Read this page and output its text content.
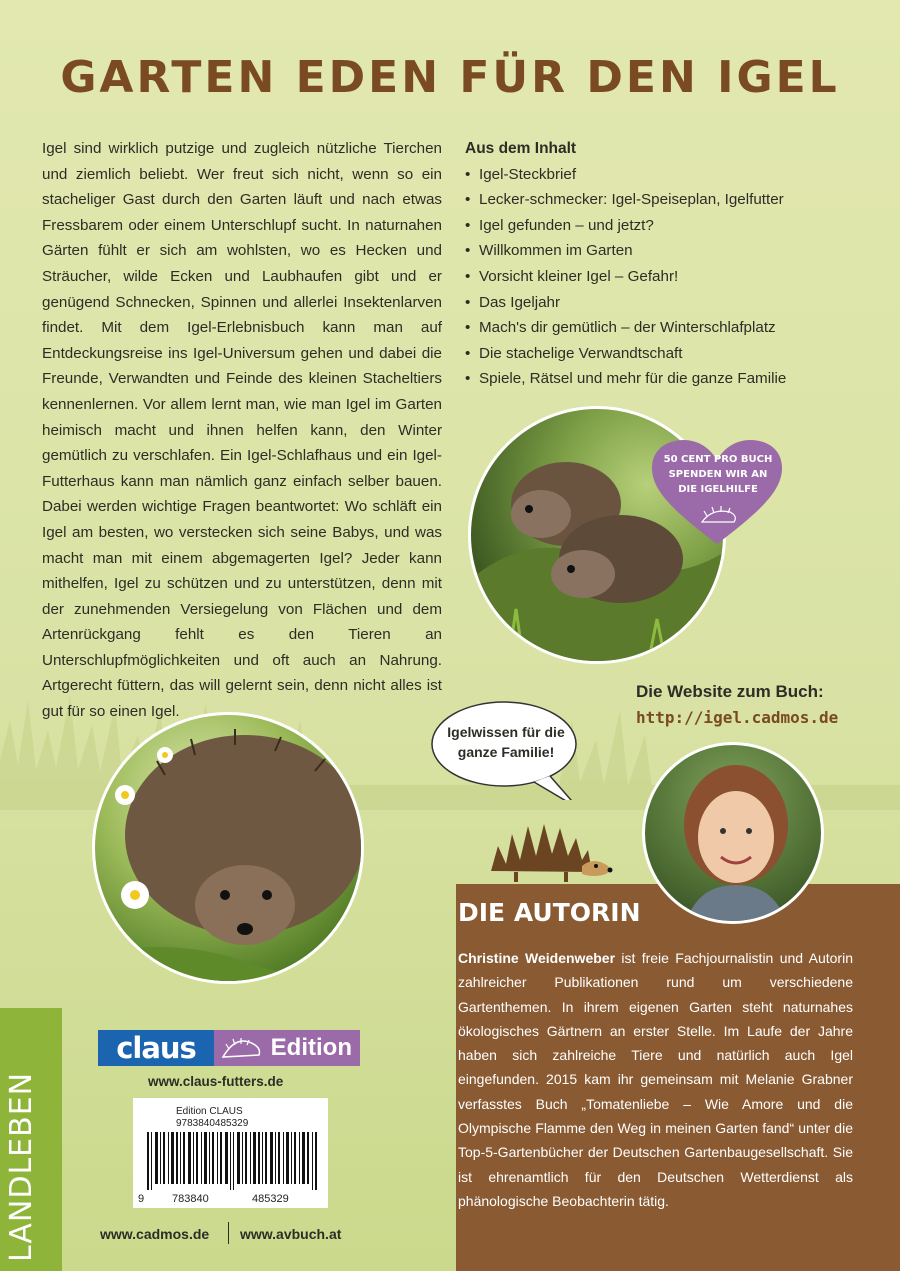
GARTEN EDEN FÜR DEN IGEL

Igel sind wirklich putzige und zugleich nützliche Tierchen und ziemlich beliebt. Wer freut sich nicht, wenn so ein stacheliger Gast durch den Garten läuft und nach etwas Fressbarem oder einem Unterschlupf sucht. In naturnahen Gärten fühlt er sich am wohlsten, wo es Hecken und Sträucher, wilde Ecken und Laubhaufen gibt und er genügend Schnecken, Spinnen und allerlei Insektenlarven findet. Mit dem Igel-Erlebnisbuch kann man auf Entdeckungsreise ins Igel-Universum gehen und dabei die Freunde, Verwandten und Feinde des kleinen Stacheltiers kennenlernen. Vor allem lernt man, wie man Igel im Garten heimisch macht und ihnen helfen kann, den Winter gemütlich zu verschlafen. Ein Igel-Schlafhaus und ein Igel-Futterhaus kann man nämlich ganz einfach selber bauen. Dabei werden wichtige Fragen beantwortet: Wo schläft ein Igel am besten, wo verstecken sich seine Babys, und was macht man mit einem abgemagerten Igel? Jeder kann mithelfen, Igel zu schützen und zu unterstützen, denn mit der zunehmenden Versiegelung von Flächen und dem Artenrückgang fehlt es den Tieren an Unterschlupfmöglichkeiten und oft auch an Nahrung. Artgerecht füttern, das will gelernt sein, denn nicht alles ist gut für so einen Igel.

Aus dem Inhalt
• Igel-Steckbrief
• Lecker-schmecker: Igel-Speiseplan, Igelfutter
• Igel gefunden – und jetzt?
• Willkommen im Garten
• Vorsicht kleiner Igel – Gefahr!
• Das Igeljahr
• Mach's dir gemütlich – der Winterschlafplatz
• Die stachelige Verwandtschaft
• Spiele, Rätsel und mehr für die ganze Familie
50 CENT PRO BUCH SPENDEN WIR AN DIE IGELHILFE
Die Website zum Buch:
http://igel.cadmos.de
Igelwissen für die ganze Familie!
DIE AUTORIN

Christine Weidenweber ist freie Fachjournalistin und Autorin zahlreicher Publikationen rund um verschiedene Gartenthemen. In ihrem eigenen Garten steht naturnahes ökologisches Gärtnern an erster Stelle. Im Laufe der Jahre haben sich zahlreiche Tiere und natürlich auch Igel eingefunden. 2015 kam ihr gemeinsam mit Melanie Grabner verfasstes Buch „Tomatenliebe – Wie Amore und die Olympische Flamme den Weg in meinen Garten fand“ unter die Top-5-Gartenbücher der Deutschen Gartenbaugesellschaft. Sie ist ehrenamtlich für den Deutschen Wetterdienst als phänologische Beobachterin tätig.

LANDLEBEN
claus	Edition
www.claus-futters.de
Edition CLAUS
9783840485329
9	783840	485329
www.cadmos.de www.avbuch.at
